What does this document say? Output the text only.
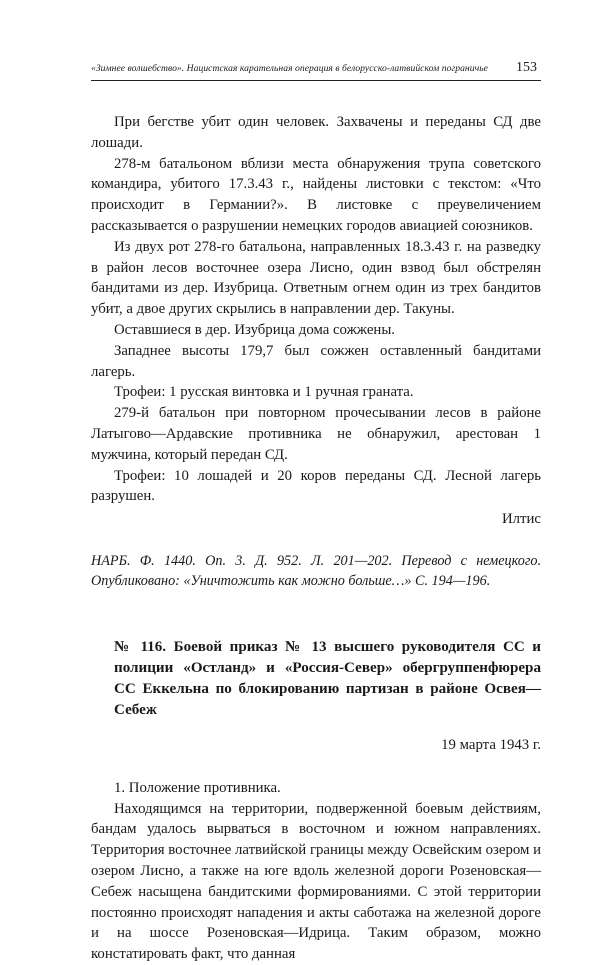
«Зимнее волшебство». Нацистская карательная операция в белорусско-латвийском пограничье 153

При бегстве убит один человек. Захвачены и переданы СД две лошади.

278-м батальоном вблизи места обнаружения трупа советского командира, убитого 17.3.43 г., найдены листовки с текстом: «Что происходит в Германии?». В листовке с преувеличением рассказывается о разрушении немецких городов авиацией союзников.

Из двух рот 278-го батальона, направленных 18.3.43 г. на разведку в район лесов восточнее озера Лисно, один взвод был обстрелян бандитами из дер. Изубрица. Ответным огнем один из трех бандитов убит, а двое других скрылись в направлении дер. Такуны.

Оставшиеся в дер. Изубрица дома сожжены.

Западнее высоты 179,7 был сожжен оставленный бандитами лагерь.

Трофеи: 1 русская винтовка и 1 ручная граната.

279-й батальон при повторном прочесывании лесов в районе Латыгово—Ардавские противника не обнаружил, арестован 1 мужчина, который передан СД.

Трофеи: 10 лошадей и 20 коров переданы СД. Лесной лагерь разрушен.

Илтис
НАРБ. Ф. 1440. Оп. 3. Д. 952. Л. 201—202. Перевод с немецкого. Опубликовано: «Уничтожить как можно больше…» С. 194—196.
№ 116. Боевой приказ № 13 высшего руководителя СС и полиции «Остланд» и «Россия-Север» обергруппенфюрера СС Еккельна по блокированию партизан в районе Освея—Себеж
19 марта 1943 г.

1. Положение противника.

Находящимся на территории, подверженной боевым действиям, бандам удалось вырваться в восточном и южном направлениях. Территория восточнее латвийской границы между Освейским озером и озером Лисно, а также на юге вдоль железной дороги Розеновская—Себеж насыщена бандитскими формированиями. С этой территории постоянно происходят нападения и акты саботажа на железной дороге и на шоссе Розеновская—Идрица. Таким образом, можно констатировать факт, что данная
